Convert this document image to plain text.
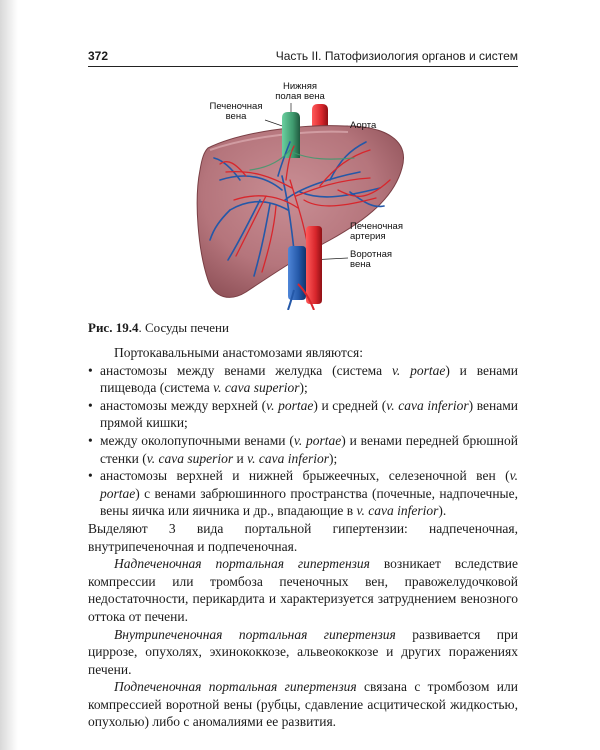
372	Часть II. Патофизиология органов и систем
Нижняя полая вена
Печеночная вена
Аорта
Печеночная артерия
Воротная вена
Рис. 19.4. Сосуды печени

Портокавальными анастомозами являются:

• анастомозы между венами желудка (система v. portae) и венами пищевода (система v. cava superior);
• анастомозы между верхней (v. portae) и средней (v. cava inferior) венами прямой кишки;
• между околопупочными венами (v. portae) и венами передней брюшной стенки (v. cava superior и v. cava inferior);
• анастомозы верхней и нижней брыжеечных, селезеночной вен (v. portae) с венами забрюшинного пространства (почечные, надпочечные, вены яичка или яичника и др., впадающие в v. cava inferior).

Выделяют 3 вида портальной гипертензии: надпеченочная, внутрипеченочная и подпеченочная.

Надпеченочная портальная гипертензия возникает вследствие компрессии или тромбоза печеночных вен, правожелудочковой недостаточности, перикардита и характеризуется затруднением венозного оттока от печени.

Внутрипеченочная портальная гипертензия развивается при циррозе, опухолях, эхинококкозе, альвеококкозе и других поражениях печени.

Подпеченочная портальная гипертензия связана с тромбозом или компрессией воротной вены (рубцы, сдавление асцитической жидкостью, опухолью) либо с аномалиями ее развития.
